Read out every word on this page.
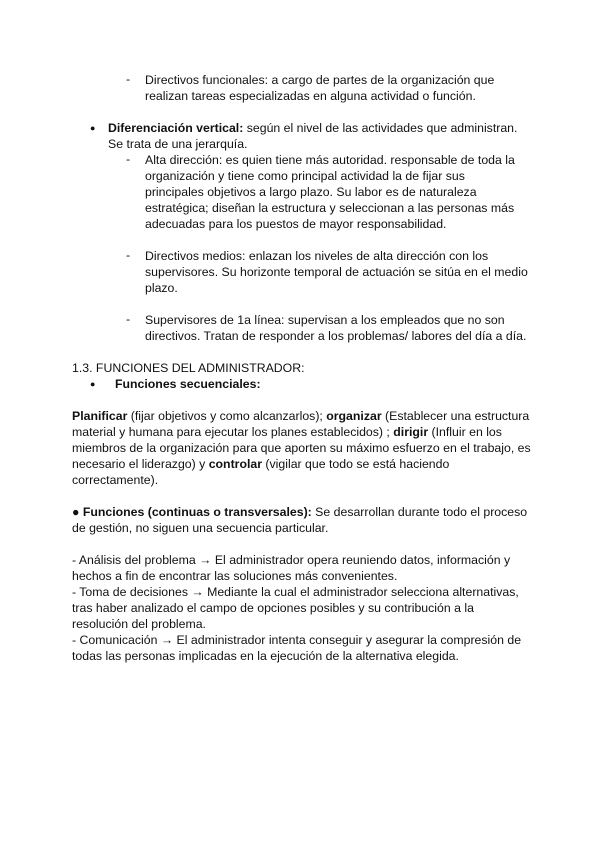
- Directivos funcionales: a cargo de partes de la organización que realizan tareas especializadas en alguna actividad o función.

● Diferenciación vertical: según el nivel de las actividades que administran. Se trata de una jerarquía.

- Alta dirección: es quien tiene más autoridad. responsable de toda la organización y tiene como principal actividad la de fijar sus principales objetivos a largo plazo. Su labor es de naturaleza estratégica; diseñan la estructura y seleccionan a las personas más adecuadas para los puestos de mayor responsabilidad.

- Directivos medios: enlazan los niveles de alta dirección con los supervisores. Su horizonte temporal de actuación se sitúa en el medio plazo.

- Supervisores de 1a línea: supervisan a los empleados que no son directivos. Tratan de responder a los problemas/ labores del día a día.

1.3. FUNCIONES DEL ADMINISTRADOR:

● Funciones secuenciales:

Planificar (fijar objetivos y como alcanzarlos); organizar (Establecer una estructura material y humana para ejecutar los planes establecidos) ; dirigir (Influir en los miembros de la organización para que aporten su máximo esfuerzo en el trabajo, es necesario el liderazgo) y controlar (vigilar que todo se está haciendo correctamente).

● Funciones (continuas o transversales): Se desarrollan durante todo el proceso de gestión, no siguen una secuencia particular.

- Análisis del problema → El administrador opera reuniendo datos, información y hechos a fin de encontrar las soluciones más convenientes.

- Toma de decisiones → Mediante la cual el administrador selecciona alternativas, tras haber analizado el campo de opciones posibles y su contribución a la resolución del problema.

- Comunicación → El administrador intenta conseguir y asegurar la compresión de todas las personas implicadas en la ejecución de la alternativa elegida.
